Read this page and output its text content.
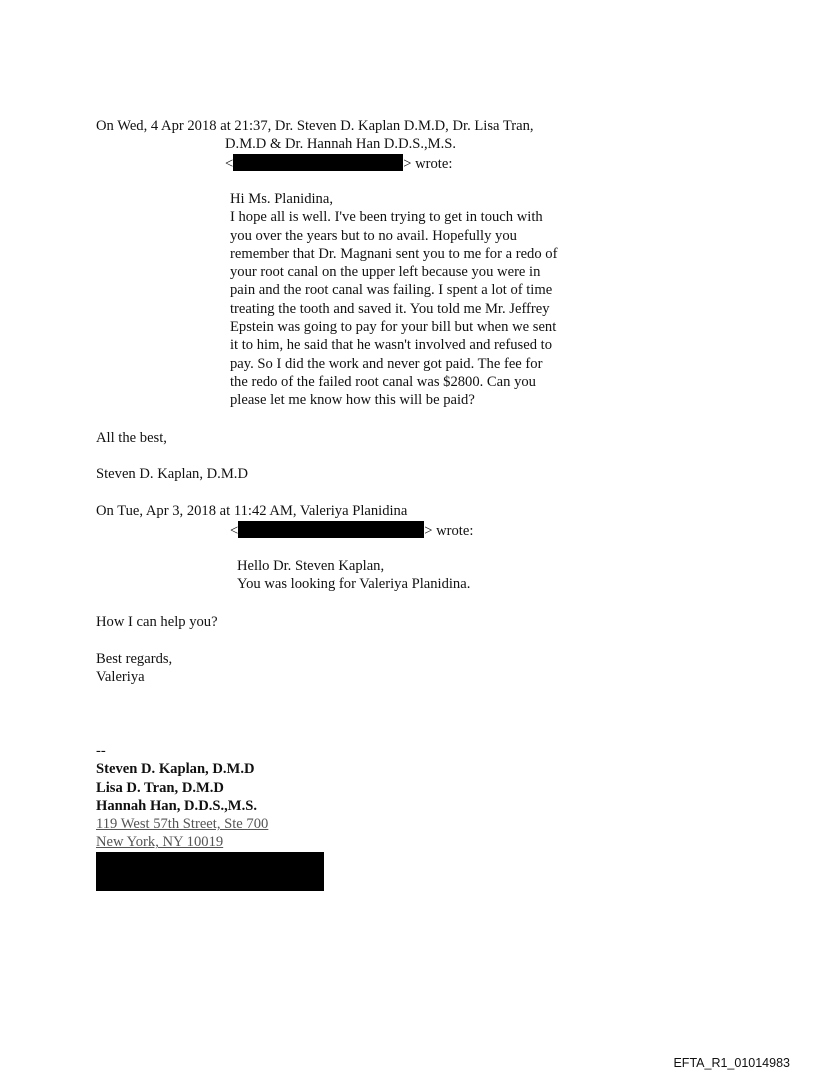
On Wed, 4 Apr 2018 at 21:37, Dr. Steven D. Kaplan D.M.D, Dr. Lisa Tran,
D.M.D & Dr. Hannah Han D.D.S.,M.S.
<	> wrote:
Hi Ms. Planidina,
I hope all is well. I've been trying to get in touch with
you over the years but to no avail. Hopefully you
remember that Dr. Magnani sent you to me for a redo of
your root canal on the upper left because you were in
pain and the root canal was failing. I spent a lot of time
treating the tooth and saved it. You told me Mr. Jeffrey
Epstein was going to pay for your bill but when we sent
it to him, he said that he wasn't involved and refused to
pay. So I did the work and never got paid. The fee for
the redo of the failed root canal was $2800. Can you
please let me know how this will be paid?
All the best,
Steven D. Kaplan, D.M.D
On Tue, Apr 3, 2018 at 11:42 AM, Valeriya Planidina
<	> wrote:
Hello Dr. Steven Kaplan,
You was looking for Valeriya Planidina.
How I can help you?
Best regards,
Valeriya
--
Steven D. Kaplan, D.M.D
Lisa D. Tran, D.M.D
Hannah Han, D.D.S.,M.S.
119 West 57th Street, Ste 700
New York, NY 10019
EFTA_R1_01014983
